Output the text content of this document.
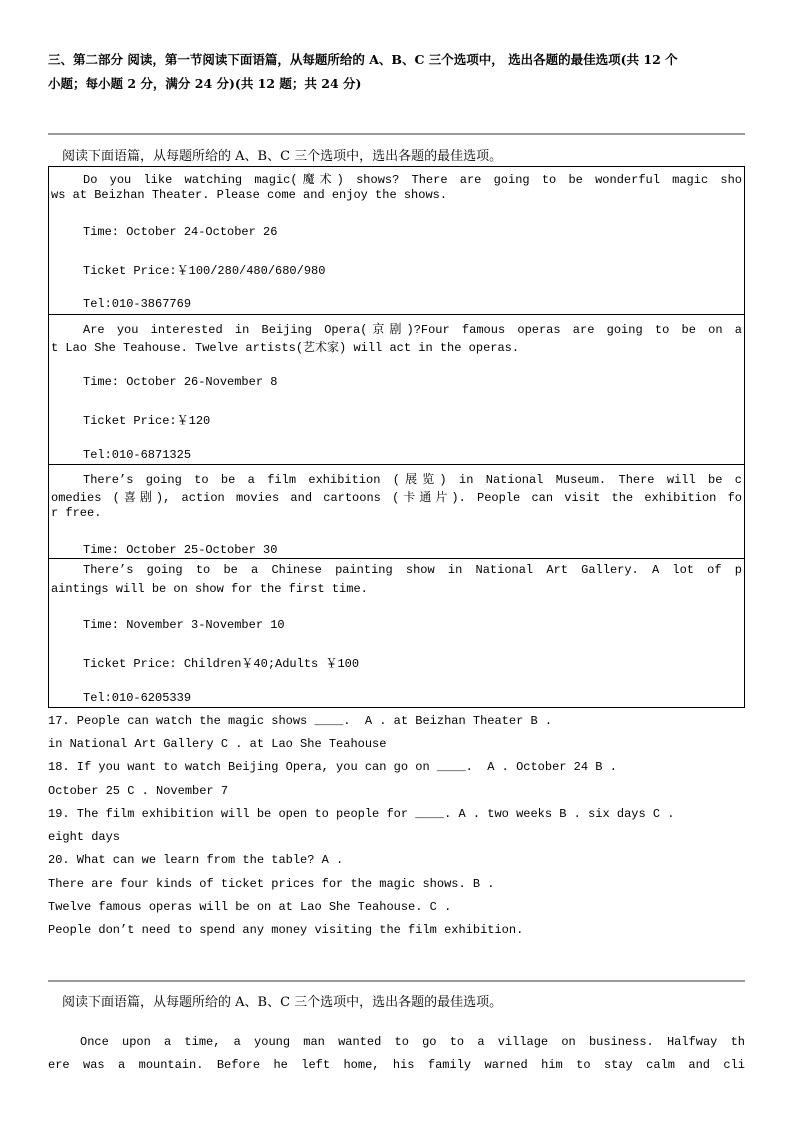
三、第二部分 阅读，第一节阅读下面语篇，从每题所给的 A、B、C 三个选项中， 选出各题的最佳选项(共 12 个
小题；每小题 2 分，满分 24 分)(共 12 题；共 24 分)
阅读下面语篇，从每题所给的 A、B、C 三个选项中，选出各题的最佳选项。
Do you like watching magic(魔术) shows? There are going to be wonderful magic sho
ws at Beizhan Theater. Please come and enjoy the shows.
Time: October 24-October 26
Ticket Price:￥100/280/480/680/980
Tel:010-3867769
Are you interested in Beijing Opera(京剧)?Four famous operas are going to be on a
t Lao She Teahouse. Twelve artists(艺术家) will act in the operas.
Time: October 26-November 8
Ticket Price:￥120
Tel:010-6871325
There’s going to be a film exhibition (展览) in National Museum. There will be c
omedies (喜剧), action movies and cartoons (卡通片). People can visit the exhibition fo
r free.
Time: October 25-October 30
There’s going to be a Chinese painting show in National Art Gallery. A lot of p
aintings will be on show for the first time.
Time: November 3-November 10
Ticket Price: Children￥40;Adults ￥100
Tel:010-6205339
17. People can watch the magic shows ____.  A . at Beizhan Theater B .
in National Art Gallery C . at Lao She Teahouse
18. If you want to watch Beijing Opera, you can go on ____.  A . October 24 B .
October 25 C . November 7
19. The film exhibition will be open to people for ____. A . two weeks B . six days C .
eight days
20. What can we learn from the table? A .
There are four kinds of ticket prices for the magic shows. B .
Twelve famous operas will be on at Lao She Teahouse. C .
People don’t need to spend any money visiting the film exhibition.
阅读下面语篇，从每题所给的 A、B、C 三个选项中，选出各题的最佳选项。
Once upon a time, a young man wanted to go to a village on business. Halfway th
ere was a mountain. Before he left home, his family warned him to stay calm and cli
